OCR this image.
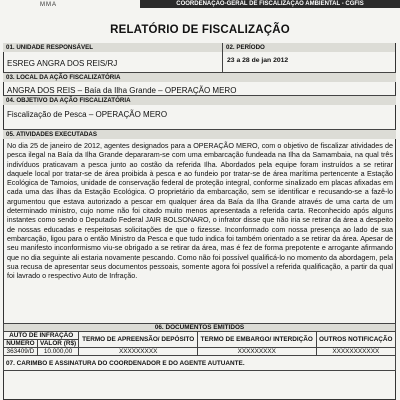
MMA	COORDENAÇÃO-GERAL DE FISCALIZAÇÃO AMBIENTAL - CGFIS
RELATÓRIO DE FISCALIZAÇÃO
01. UNIDADE RESPONSÁVEL
ESREG ANGRA DOS REIS/RJ
02. PERÍODO
23 a 28 de jan 2012
03. LOCAL DA AÇÃO FISCALIZATÓRIA
ANGRA DOS REIS – Baía da Ilha Grande – OPERAÇÃO MERO
04. OBJETIVO DA AÇÃO FISCALIZATÓRIA
Fiscalização de Pesca – OPERAÇÃO MERO
05. ATIVIDADES EXECUTADAS
No dia 25 de janeiro de 2012, agentes designados para a OPERAÇÃO MERO, com o objetivo de fiscalizar atividades de pesca ilegal na Baía da Ilha Grande depararam-se com uma embarcação fundeada na Ilha da Samambaia, na qual três indivíduos praticavam a pesca junto ao costão da referida Ilha. Abordados pela equipe foram instruídos a se retirar daquele local por tratar-se de área proibida à pesca e ao fundeio por tratar-se de área marítima pertencente a Estação Ecológica de Tamoios, unidade de conservação federal de proteção integral, conforme sinalizado em placas afixadas em cada uma das ilhas da Estação Ecológica. O proprietário da embarcação, sem se identificar e recusando-se a fazê-lo argumentou que estava autorizado a pescar em qualquer área da Baía da Ilha Grande através de uma carta de um determinado ministro, cujo nome não foi citado muito menos apresentada a referida carta. Reconhecido após alguns instantes como sendo o Deputado Federal JAIR BOLSONARO, o infrator disse que não iria se retirar da área a despeito de nossas educadas e respeitosas solicitações de que o fizesse. Inconformado com nossa presença ao lado de sua embarcação, ligou para o então Ministro da Pesca e que tudo indica foi também orientado a se retirar da área. Apesar de seu manifesto inconformismo viu-se obrigado a se retirar da área, mas é fez de forma prepotente e arrogante afirmando que no dia seguinte ali estaria novamente pescando. Como não foi possível qualificá-lo no momento da abordagem, pela sua recusa de apresentar seus documentos pessoais, somente agora foi possível a referida qualificação, a partir da qual foi lavrado o respectivo Auto de Infração.
06. DOCUMENTOS EMITIDOS				
AUTO DE INFRAÇÃO		TERMO DE APREENSÃO/ DEPÓSITO	TERMO DE EMBARGO/ INTERDIÇÃO	OUTROS NOTIFICAÇÃO
NÚMERO	VALOR (R$)			
363409/D	10.000,00	XXXXXXXXX	XXXXXXXXX	XXXXXXXXXXX
07. CARIMBO E ASSINATURA DO COORDENADOR E DO AGENTE AUTUANTE.				
